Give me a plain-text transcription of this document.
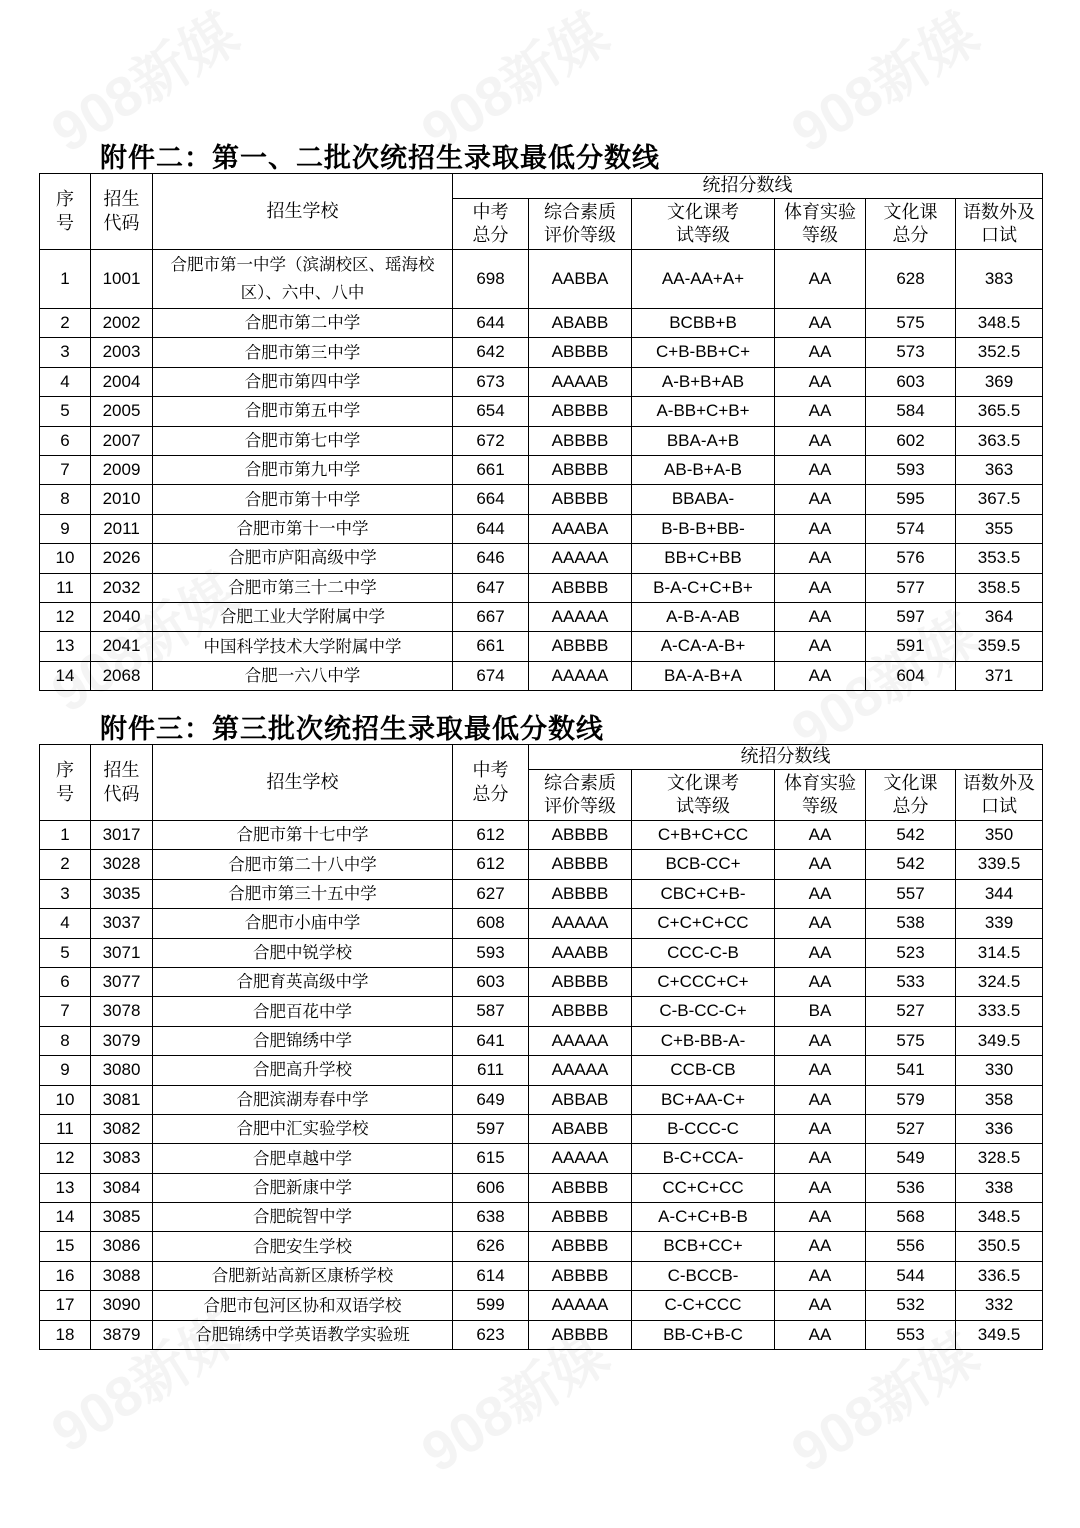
附件二：第一、二批次统招生录取最低分数线
序号	招生代码	招生学校	统招分数线					
			中考总分	综合素质评价等级	文化课考试等级	体育实验等级	文化课总分	语数外及口试
1	1001	合肥市第一中学（滨湖校区、瑶海校区）、六中、八中	698	AABBA	AA-AA+A+	AA	628	383
2	2002	合肥市第二中学	644	ABABB	BCBB+B	AA	575	348.5
3	2003	合肥市第三中学	642	ABBBB	C+B-BB+C+	AA	573	352.5
4	2004	合肥市第四中学	673	AAAAB	A-B+B+AB	AA	603	369
5	2005	合肥市第五中学	654	ABBBB	A-BB+C+B+	AA	584	365.5
6	2007	合肥市第七中学	672	ABBBB	BBA-A+B	AA	602	363.5
7	2009	合肥市第九中学	661	ABBBB	AB-B+A-B	AA	593	363
8	2010	合肥市第十中学	664	ABBBB	BBABA-	AA	595	367.5
9	2011	合肥市第十一中学	644	AAABA	B-B-B+BB-	AA	574	355
10	2026	合肥市庐阳高级中学	646	AAAAA	BB+C+BB	AA	576	353.5
11	2032	合肥市第三十二中学	647	ABBBB	B-A-C+C+B+	AA	577	358.5
12	2040	合肥工业大学附属中学	667	AAAAA	A-B-A-AB	AA	597	364
13	2041	中国科学技术大学附属中学	661	ABBBB	A-CA-A-B+	AA	591	359.5
14	2068	合肥一六八中学	674	AAAAA	BA-A-B+A	AA	604	371
附件三：第三批次统招生录取最低分数线
序号	招生代码	招生学校	中考总分	统招分数线				
				综合素质评价等级	文化课考试等级	体育实验等级	文化课总分	语数外及口试
1	3017	合肥市第十七中学	612	ABBBB	C+B+C+CC	AA	542	350
2	3028	合肥市第二十八中学	612	ABBBB	BCB-CC+	AA	542	339.5
3	3035	合肥市第三十五中学	627	ABBBB	CBC+C+B-	AA	557	344
4	3037	合肥市小庙中学	608	AAAAA	C+C+C+CC	AA	538	339
5	3071	合肥中锐学校	593	AAABB	CCC-C-B	AA	523	314.5
6	3077	合肥育英高级中学	603	ABBBB	C+CCC+C+	AA	533	324.5
7	3078	合肥百花中学	587	ABBBB	C-B-CC-C+	BA	527	333.5
8	3079	合肥锦绣中学	641	AAAAA	C+B-BB-A-	AA	575	349.5
9	3080	合肥高升学校	611	AAAAA	CCB-CB	AA	541	330
10	3081	合肥滨湖寿春中学	649	ABBAB	BC+AA-C+	AA	579	358
11	3082	合肥中汇实验学校	597	ABABB	B-CCC-C	AA	527	336
12	3083	合肥卓越中学	615	AAAAA	B-C+CCA-	AA	549	328.5
13	3084	合肥新康中学	606	ABBBB	CC+C+CC	AA	536	338
14	3085	合肥皖智中学	638	ABBBB	A-C+C+B-B	AA	568	348.5
15	3086	合肥安生学校	626	ABBBB	BCB+CC+	AA	556	350.5
16	3088	合肥新站高新区康桥学校	614	ABBBB	C-BCCB-	AA	544	336.5
17	3090	合肥市包河区协和双语学校	599	AAAAA	C-C+CCC	AA	532	332
18	3879	合肥锦绣中学英语教学实验班	623	ABBBB	BB-C+B-C	AA	553	349.5
